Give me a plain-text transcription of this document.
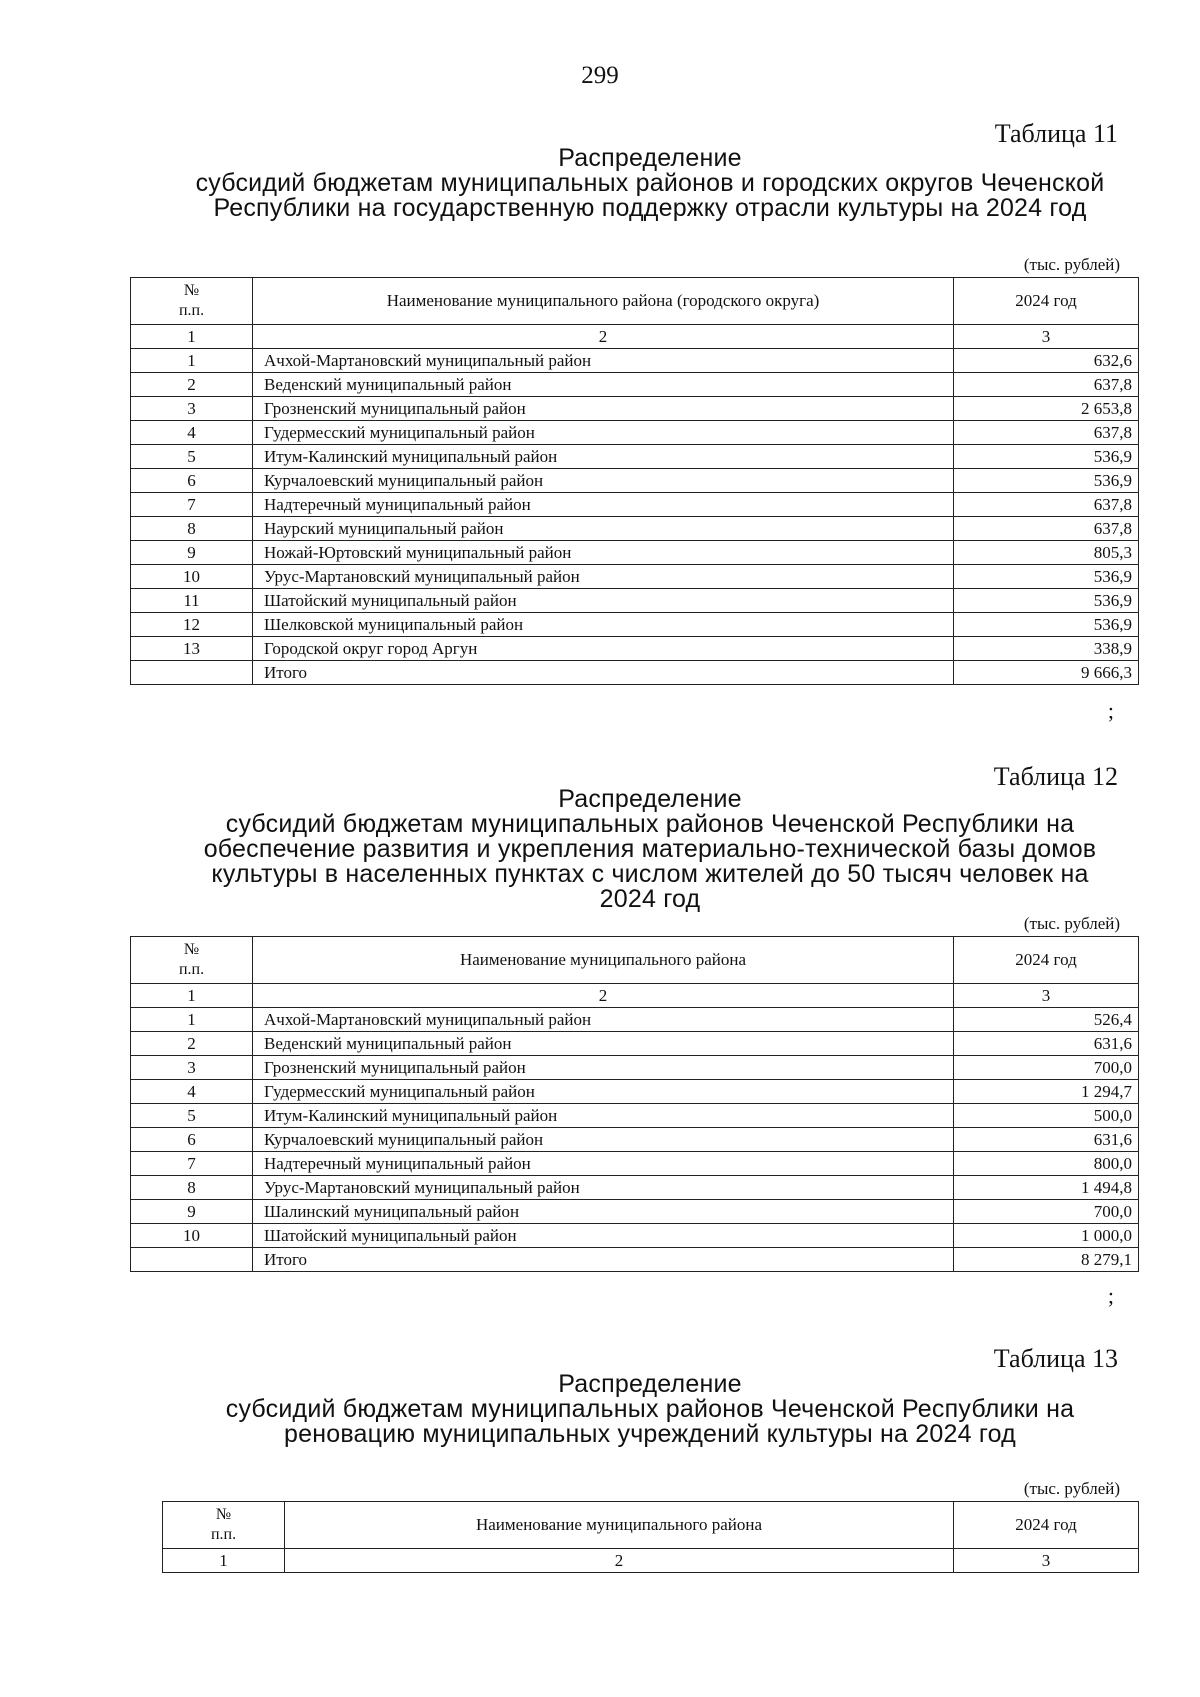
299
Таблица 11
Распределение
субсидий бюджетам муниципальных районов и городских округов Чеченской
Республики на государственную поддержку отрасли культуры на 2024 год
(тыс. рублей)
№
п.п.	Наименование муниципального района (городского округа)	2024 год
1	2	3
1	Ачхой-Мартановский муниципальный район	632,6
2	Веденский муниципальный район	637,8
3	Грозненский муниципальный район	2 653,8
4	Гудермесский муниципальный район	637,8
5	Итум-Калинский муниципальный район	536,9
6	Курчалоевский муниципальный район	536,9
7	Надтеречный муниципальный район	637,8
8	Наурский муниципальный район	637,8
9	Ножай-Юртовский муниципальный район	805,3
10	Урус-Мартановский муниципальный район	536,9
11	Шатойский муниципальный район	536,9
12	Шелковской муниципальный район	536,9
13	Городской округ город Аргун	338,9
	Итого	9 666,3
;
Таблица 12
Распределение
субсидий бюджетам муниципальных районов Чеченской Республики на
обеспечение развития и укрепления материально-технической базы домов
культуры в населенных пунктах с числом жителей до 50 тысяч человек на
2024 год
(тыс. рублей)
№
п.п.	Наименование муниципального района	2024 год
1	2	3
1	Ачхой-Мартановский муниципальный район	526,4
2	Веденский муниципальный район	631,6
3	Грозненский муниципальный район	700,0
4	Гудермесский муниципальный район	1 294,7
5	Итум-Калинский муниципальный район	500,0
6	Курчалоевский муниципальный район	631,6
7	Надтеречный муниципальный район	800,0
8	Урус-Мартановский муниципальный район	1 494,8
9	Шалинский муниципальный район	700,0
10	Шатойский муниципальный район	1 000,0
	Итого	8 279,1
;
Таблица 13
Распределение
субсидий бюджетам муниципальных районов Чеченской Республики на
реновацию муниципальных учреждений культуры на 2024 год
(тыс. рублей)
№
п.п.	Наименование муниципального района	2024 год
1	2	3
